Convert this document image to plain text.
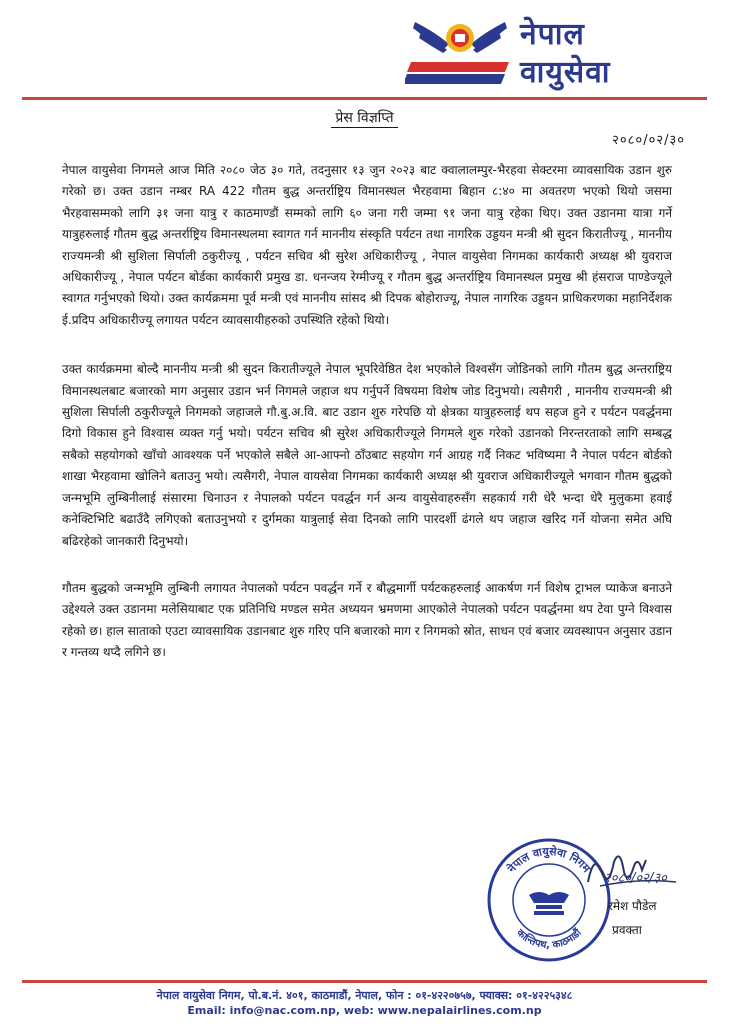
नेपाल
वायुसेवा
प्रेस विज्ञप्ति
२०८०/०२/३०

नेपाल वायुसेवा निगमले आज मिति २०८० जेठ ३० गते, तदनुसार १३ जुन २०२३ बाट क्वालालम्पुर-भैरहवा सेक्टरमा व्यावसायिक उडान शुरु गरेको छ। उक्त उडान नम्बर RA 422 गौतम बुद्ध अन्तर्राष्ट्रिय विमानस्थल भैरहवामा बिहान ८:४० मा अवतरण भएको थियो जसमा भैरहवासम्मको लागि ३१ जना यात्रु र काठमाण्डौं सम्मको लागि ६० जना गरी जम्मा ९१ जना यात्रु रहेका थिए। उक्त उडानमा यात्रा गर्ने यात्रुहरुलाई गौतम बुद्ध अन्तर्राष्ट्रिय विमानस्थलमा स्वागत गर्न माननीय संस्कृति पर्यटन तथा नागरिक उड्डयन मन्त्री श्री सुदन किरातीज्यू , माननीय राज्यमन्त्री श्री सुशिला सिर्पाली ठकुरीज्यू , पर्यटन सचिव श्री सुरेश अधिकारीज्यू , नेपाल वायुसेवा निगमका कार्यकारी अध्यक्ष श्री युवराज अधिकारीज्यू , नेपाल पर्यटन बोर्डका कार्यकारी प्रमुख डा. धनन्जय रेग्मीज्यू र गौतम बुद्ध अन्तर्राष्ट्रिय विमानस्थल प्रमुख श्री हंसराज पाण्डेज्यूले स्वागत गर्नुभएको थियो। उक्त कार्यक्रममा पूर्व मन्त्री एवं माननीय सांसद श्री दिपक बोहोराज्यू, नेपाल नागरिक उड्डयन प्राधिकरणका महानिर्देशक ई.प्रदिप अधिकारीज्यू लगायत पर्यटन व्यावसायीहरुको उपस्थिति रहेको थियो।

उक्त कार्यक्रममा बोल्दै माननीय मन्त्री श्री सुदन किरातीज्यूले नेपाल भूपरिवेष्ठित देश भएकोले विश्वसँग जोडिनको लागि गौतम बुद्ध अन्तराष्ट्रिय विमानस्थलबाट बजारको माग अनुसार उडान भर्न निगमले जहाज थप गर्नुपर्ने विषयमा विशेष जोड दिनुभयो। त्यसैगरी , माननीय राज्यमन्त्री श्री सुशिला सिर्पाली ठकुरीज्यूले निगमको जहाजले गौ.बु.अ.वि. बाट उडान शुरु गरेपछि यो क्षेत्रका यात्रुहरुलाई थप सहज हुने र पर्यटन पवर्द्धनमा दिगो विकास हुने विश्वास व्यक्त गर्नु भयो। पर्यटन सचिव श्री सुरेश अधिकारीज्यूले निगमले शुरु गरेको उडानको निरन्तरताको लागि सम्बद्ध सबैको सहयोगको खाँचो आवश्यक पर्ने भएकोले सबैले आ-आफ्नो ठाँउबाट सहयोग गर्न आग्रह गर्दै निकट भविष्यमा नै नेपाल पर्यटन बोर्डको शाखा भैरहवामा खोलिने बताउनु भयो। त्यसैगरी, नेपाल वायसेवा निगमका कार्यकारी अध्यक्ष श्री युवराज अधिकारीज्यूले भगवान गौतम बुद्धको जन्मभूमि लुम्बिनीलाई संसारमा चिनाउन र नेपालको पर्यटन पवर्द्धन गर्न अन्य वायुसेवाहरुसँग सहकार्य गरी धेरै भन्दा धेरै मुलुकमा हवाई कनेक्टिभिटि बढाउँदै लगिएको बताउनुभयो र दुर्गमका यात्रुलाई सेवा दिनको लागि पारदर्शी ढंगले थप जहाज खरिद गर्ने योजना समेत अघि बढिरहेको जानकारी दिनुभयो।

गौतम बुद्धको जन्मभूमि लुम्बिनी लगायत नेपालको पर्यटन पवर्द्धन गर्ने र बौद्धमार्गी पर्यटकहरुलाई आकर्षण गर्न विशेष ट्राभल प्याकेज बनाउने उद्देश्यले उक्त उडानमा मलेसियाबाट एक प्रतिनिधि मण्डल समेत अध्ययन भ्रमणमा आएकोले नेपालको पर्यटन पवर्द्धनमा थप टेवा पुग्ने विश्वास रहेको छ। हाल साताको एउटा व्यावसायिक उडानबाट शुरु गरिए पनि बजारको माग र निगमको स्रोत, साधन एवं बजार व्यवस्थापन अनुसार उडान र गन्तव्य थप्दै लगिने छ।

नेपाल वायुसेवा निगम
कान्तिपथ, काठमाडौं
२०८०/०२/३०
रमेश पौडेल
प्रवक्ता
नेपाल वायुसेवा निगम, पो.ब.नं. ४०१, काठमाडौं, नेपाल, फोन : ०१-४२२०७५७, फ्याक्स: ०१-४२२५३४८
Email: info@nac.com.np, web: www.nepalairlines.com.np
